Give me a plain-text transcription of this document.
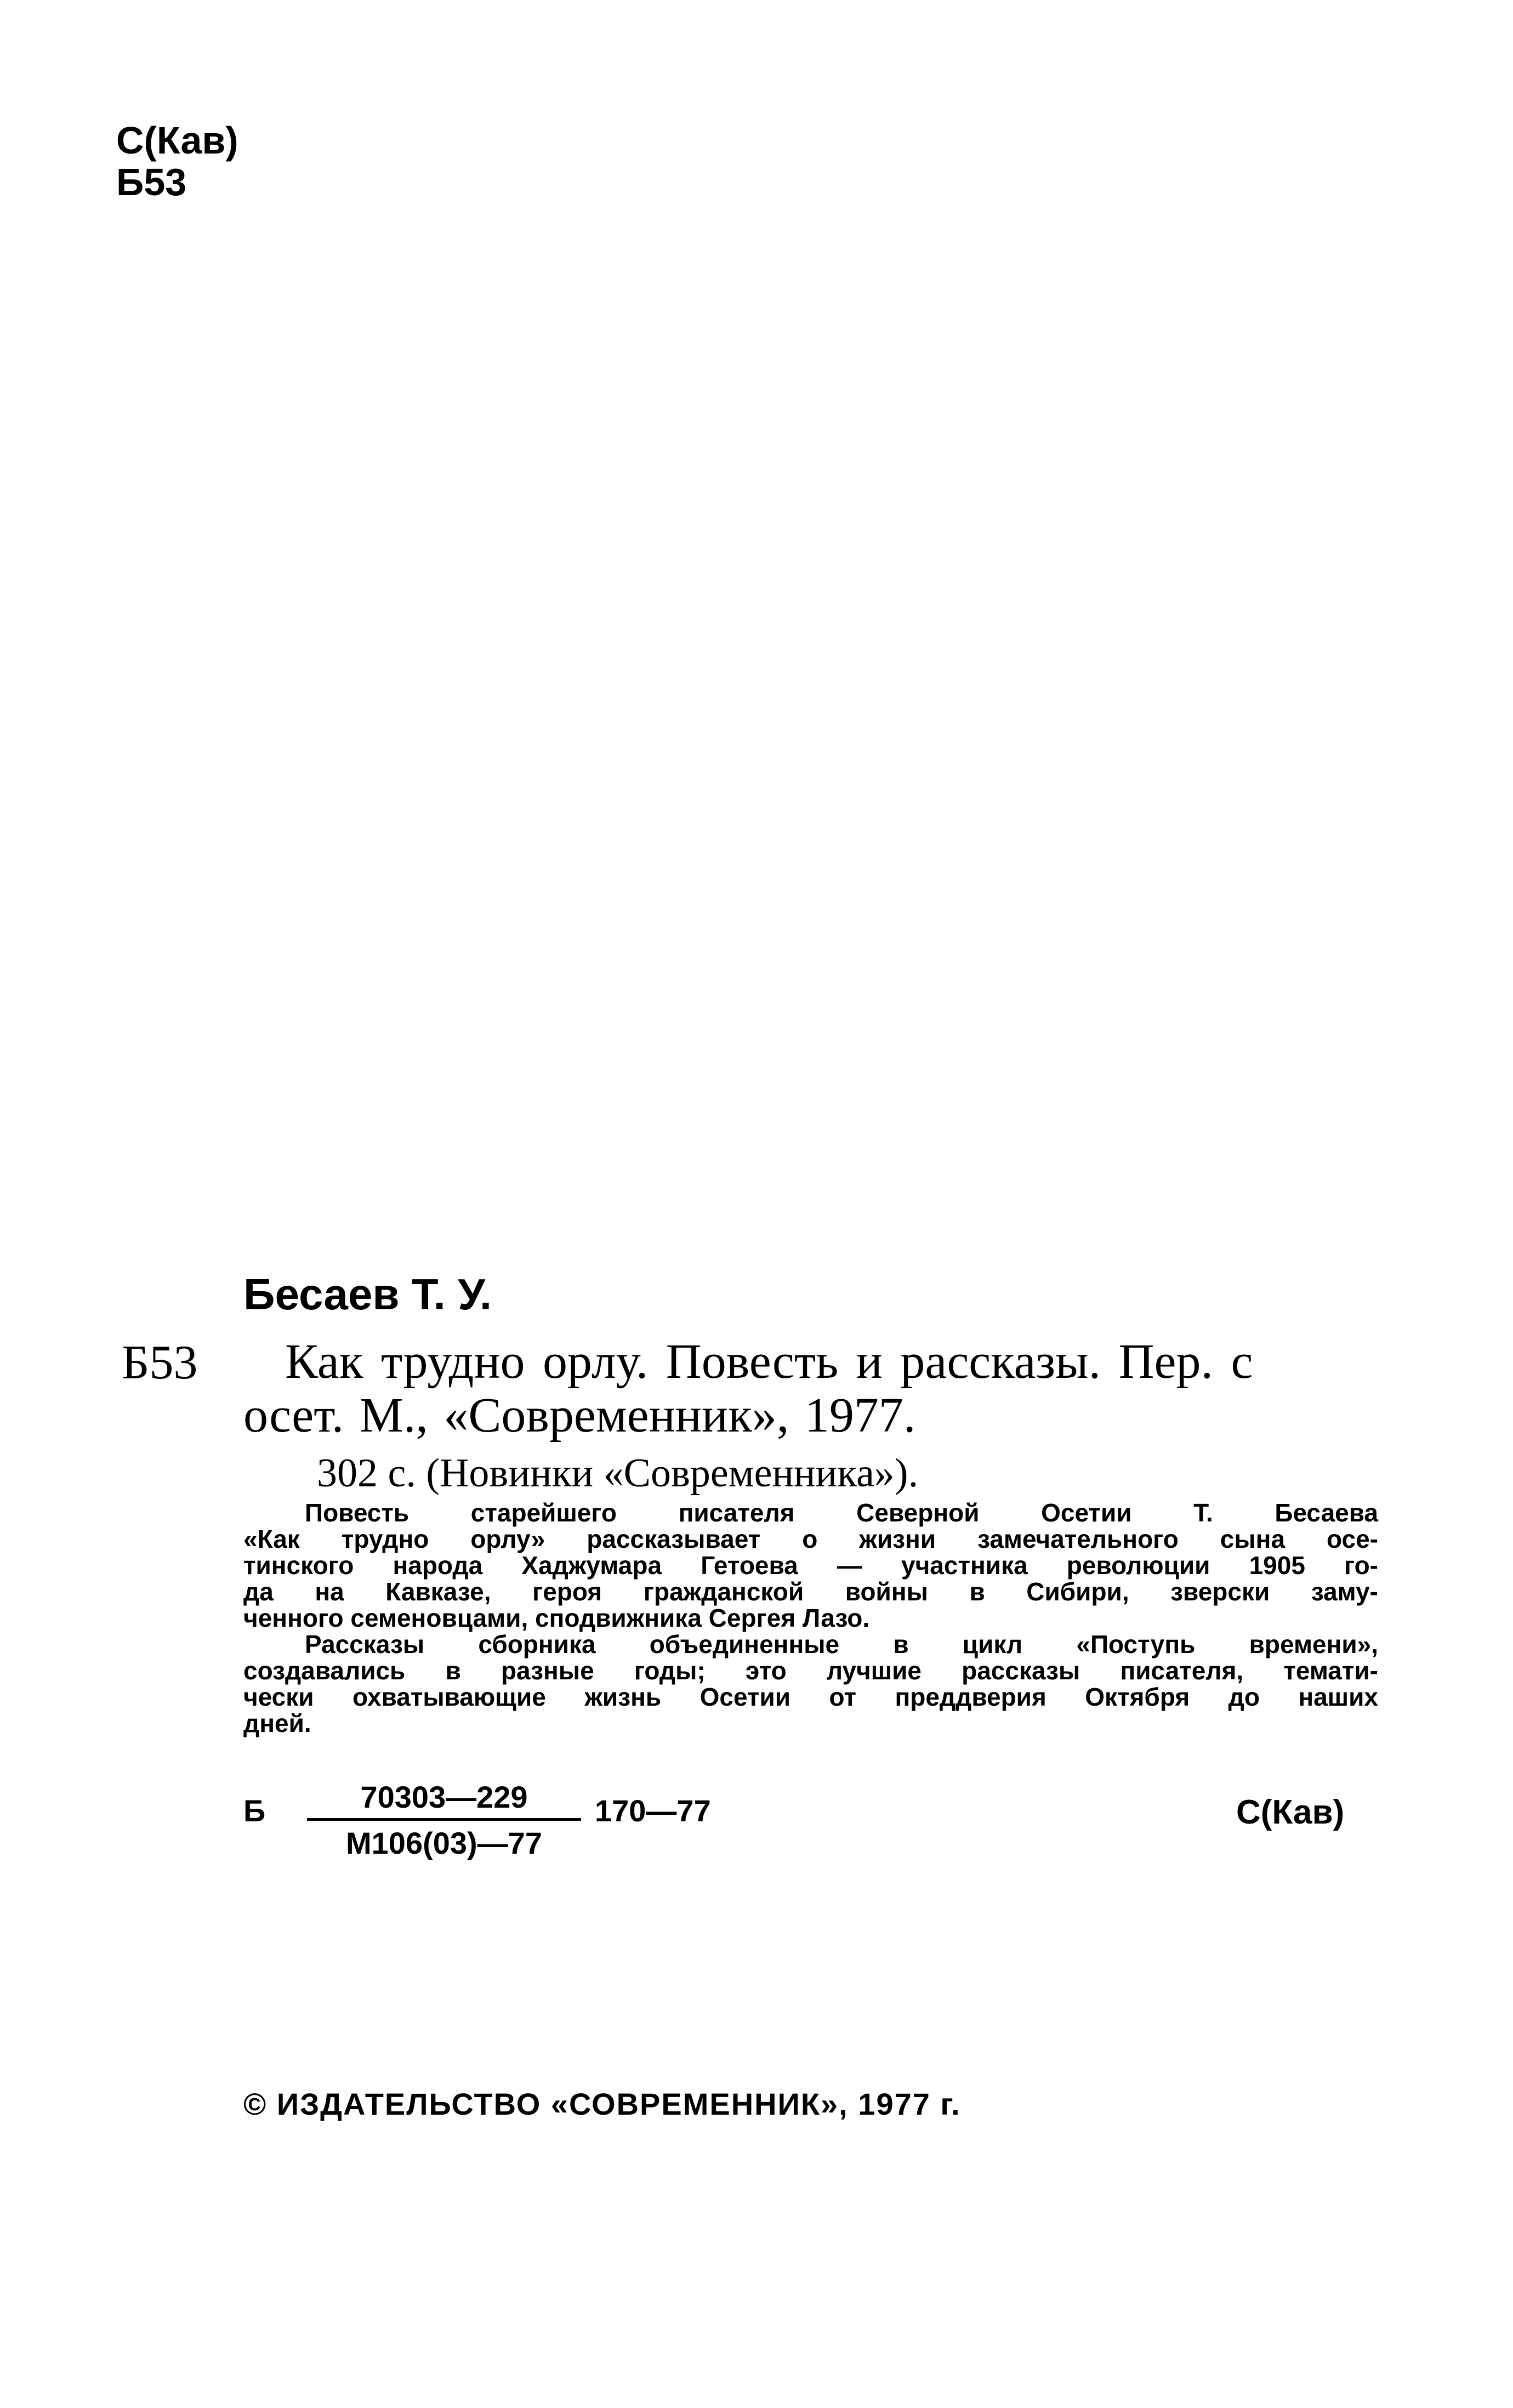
С(Кав)
Б53
Бесаев Т. У.
Б53 Как трудно орлу. Повесть и рассказы. Пер. с
осет. М., «Современник», 1977.
302 с. (Новинки «Современника»).
Повесть старейшего писателя Северной Осетии Т. Бесаева
«Как трудно орлу» рассказывает о жизни замечательного сына осе-
тинского народа Хаджумара Гетоева — участника революции 1905 го-
да на Кавказе, героя гражданской войны в Сибири, зверски заму-
ченного семеновцами, сподвижника Сергея Лазо.
Рассказы сборника объединенные в цикл «Поступь времени»,
создавались в разные годы; это лучшие рассказы писателя, темати-
чески охватывающие жизнь Осетии от преддверия Октября до наших
дней.
Б	70303—229
М106(03)—77
170—77	С(Кав)
© ИЗДАТЕЛЬСТВО «СОВРЕМЕННИК», 1977 г.
